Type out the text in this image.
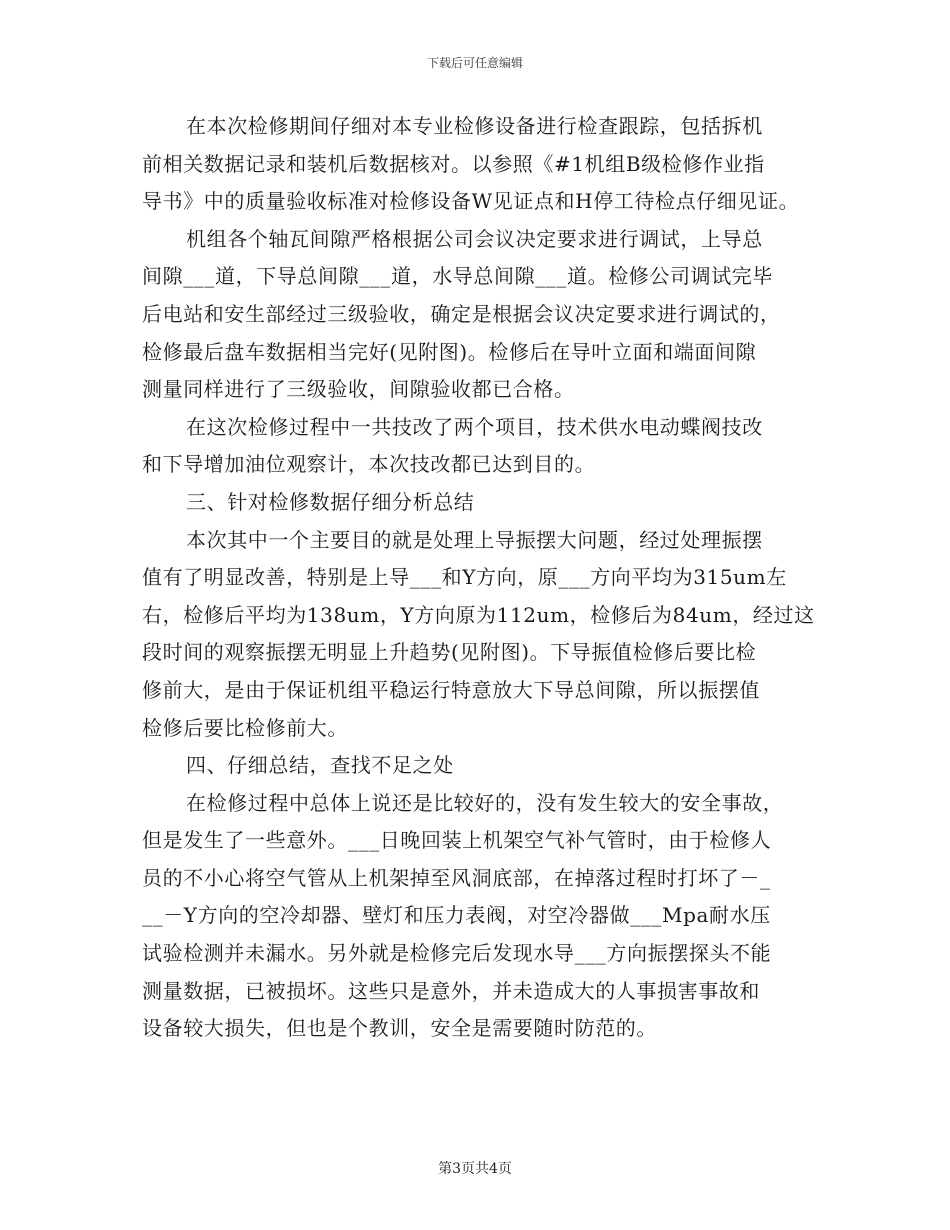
下载后可任意编辑
在本次检修期间仔细对本专业检修设备进行检查跟踪，包括拆机
前相关数据记录和装机后数据核对。以参照《#1机组B级检修作业指
导书》中的质量验收标准对检修设备W见证点和H停工待检点仔细见证。
机组各个轴瓦间隙严格根据公司会议决定要求进行调试，上导总
间隙___道，下导总间隙___道，水导总间隙___道。检修公司调试完毕
后电站和安生部经过三级验收，确定是根据会议决定要求进行调试的，
检修最后盘车数据相当完好(见附图)。检修后在导叶立面和端面间隙
测量同样进行了三级验收，间隙验收都已合格。
在这次检修过程中一共技改了两个项目，技术供水电动蝶阀技改
和下导增加油位观察计，本次技改都已达到目的。
三、针对检修数据仔细分析总结
本次其中一个主要目的就是处理上导振摆大问题，经过处理振摆
值有了明显改善，特别是上导___和Y方向，原___方向平均为315um左
右，检修后平均为138um，Y方向原为112um，检修后为84um，经过这
段时间的观察振摆无明显上升趋势(见附图)。下导振值检修后要比检
修前大，是由于保证机组平稳运行特意放大下导总间隙，所以振摆值
检修后要比检修前大。
四、仔细总结，查找不足之处
在检修过程中总体上说还是比较好的，没有发生较大的安全事故，
但是发生了一些意外。___日晚回装上机架空气补气管时，由于检修人
员的不小心将空气管从上机架掉至风洞底部，在掉落过程时打坏了－_
__－Y方向的空冷却器、壁灯和压力表阀，对空冷器做___Mpa耐水压
试验检测并未漏水。另外就是检修完后发现水导___方向振摆探头不能
测量数据，已被损坏。这些只是意外，并未造成大的人事损害事故和
设备较大损失，但也是个教训，安全是需要随时防范的。
第3页共4页
